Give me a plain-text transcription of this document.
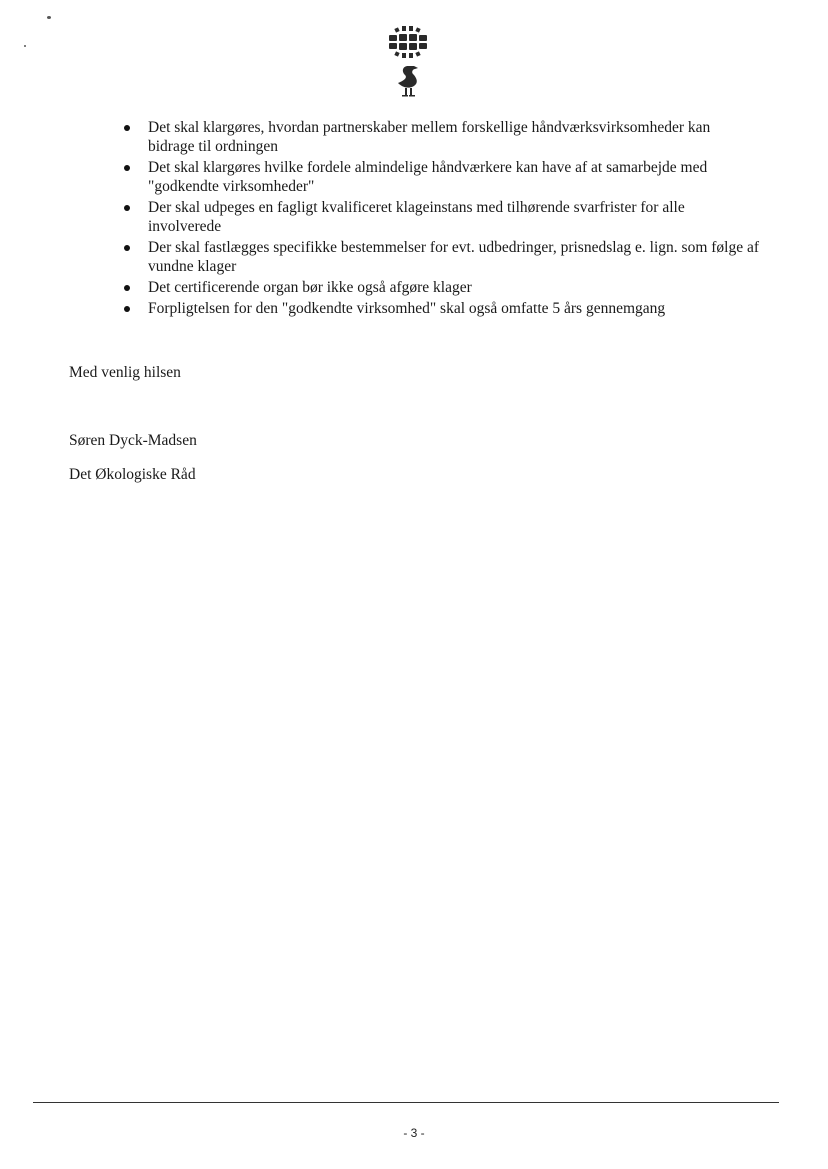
Det skal klargøres, hvordan partnerskaber mellem forskellige håndværksvirksomheder kan bidrage til ordningen
Det skal klargøres hvilke fordele almindelige håndværkere kan have af at samarbejde med "godkendte virksomheder"
Der skal udpeges en fagligt kvalificeret klageinstans med tilhørende svarfrister for alle involverede
Der skal fastlægges specifikke bestemmelser for evt. udbedringer, prisnedslag e. lign. som følge af vundne klager
Det certificerende organ bør ikke også afgøre klager
Forpligtelsen for den "godkendte virksomhed" skal også omfatte 5 års gennemgang

Med venlig hilsen

Søren Dyck-Madsen

Det Økologiske Råd

- 3 -
